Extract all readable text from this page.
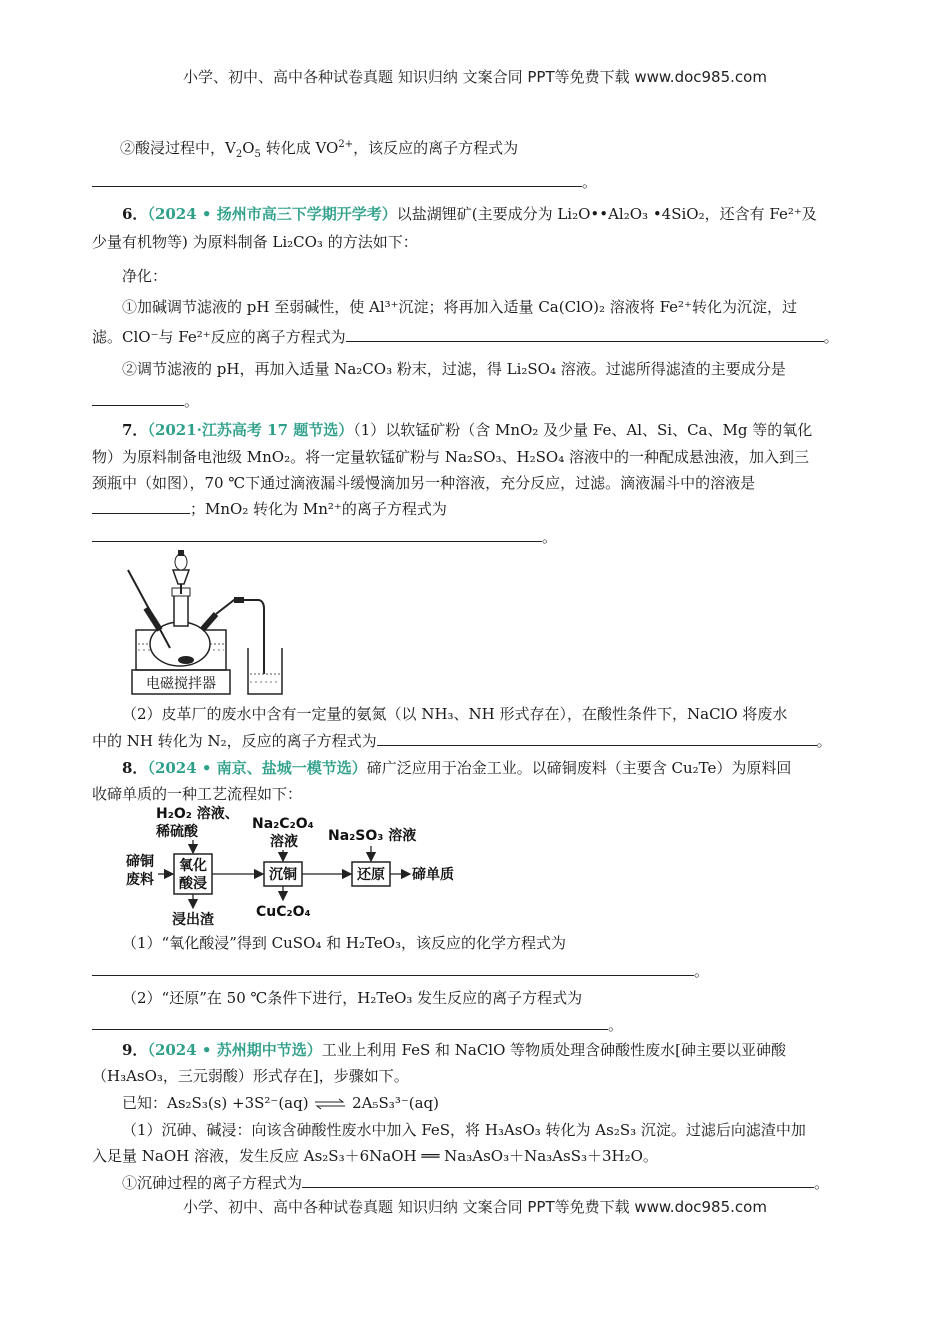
小学、初中、高中各种试卷真题 知识归纳 文案合同 PPT等免费下载 www.doc985.com
②酸浸过程中，$V_2O_5$ 转化成 $VO^{2+}$，该反应的离子方程式为
。
6．（2024 • 扬州市高三下学期开学考）以盐湖锂矿(主要成分为 Li₂O••Al₂O₃ •4SiO₂，还含有 Fe²⁺及
少量有机物等) 为原料制备 Li₂CO₃ 的方法如下：
净化：
①加碱调节滤液的 pH 至弱碱性，使 Al³⁺沉淀；将再加入适量 Ca(ClO)₂ 溶液将 Fe²⁺转化为沉淀，过
滤。ClO⁻与 Fe²⁺反应的离子方程式为	。
②调节滤液的 pH，再加入适量 Na₂CO₃ 粉末，过滤，得 Li₂SO₄ 溶液。过滤所得滤渣的主要成分是
。
7．（2021·江苏高考 17 题节选）（1）以软锰矿粉（含 MnO₂ 及少量 Fe、Al、Si、Ca、Mg 等的氧化
物）为原料制备电池级 MnO₂。将一定量软锰矿粉与 Na₂SO₃、H₂SO₄ 溶液中的一种配成悬浊液，加入到三
颈瓶中（如图），70 ℃下通过滴液漏斗缓慢滴加另一种溶液，充分反应，过滤。滴液漏斗中的溶液是
；MnO₂ 转化为 Mn²⁺的离子方程式为
。
电磁搅拌器
（2）皮革厂的废水中含有一定量的氨氮（以 NH₃、NH 形式存在），在酸性条件下，NaClO 将废水
中的 NH 转化为 N₂，反应的离子方程式为	。
8．（2024 • 南京、盐城一模节选）碲广泛应用于冶金工业。以碲铜废料（主要含 Cu₂Te）为原料回
收碲单质的一种工艺流程如下：
H₂O₂ 溶液、
稀硫酸	Na₂C₂O₄
溶液 Na₂SO₃ 溶液
碲铜
废料
氧化
酸浸
沉铜	还原 碲单质
浸出渣	CuC₂O₄
（1）“氧化酸浸”得到 CuSO₄ 和 H₂TeO₃，该反应的化学方程式为
。
（2）“还原”在 50 ℃条件下进行，H₂TeO₃ 发生反应的离子方程式为
。
9．（2024 • 苏州期中节选）工业上利用 FeS 和 NaClO 等物质处理含砷酸性废水[砷主要以亚砷酸
（H₃AsO₃，三元弱酸）形式存在]，步骤如下。
已知：As₂S₃(s) +3S²⁻(aq) ⇌ 2A₅S₃³⁻(aq)
（1）沉砷、碱浸：向该含砷酸性废水中加入 FeS，将 H₃AsO₃ 转化为 As₂S₃ 沉淀。过滤后向滤渣中加
入足量 NaOH 溶液，发生反应 As₂S₃＋6NaOH ══ Na₃AsO₃＋Na₃AsS₃＋3H₂O。
①沉砷过程的离子方程式为	。
小学、初中、高中各种试卷真题 知识归纳 文案合同 PPT等免费下载 www.doc985.com
